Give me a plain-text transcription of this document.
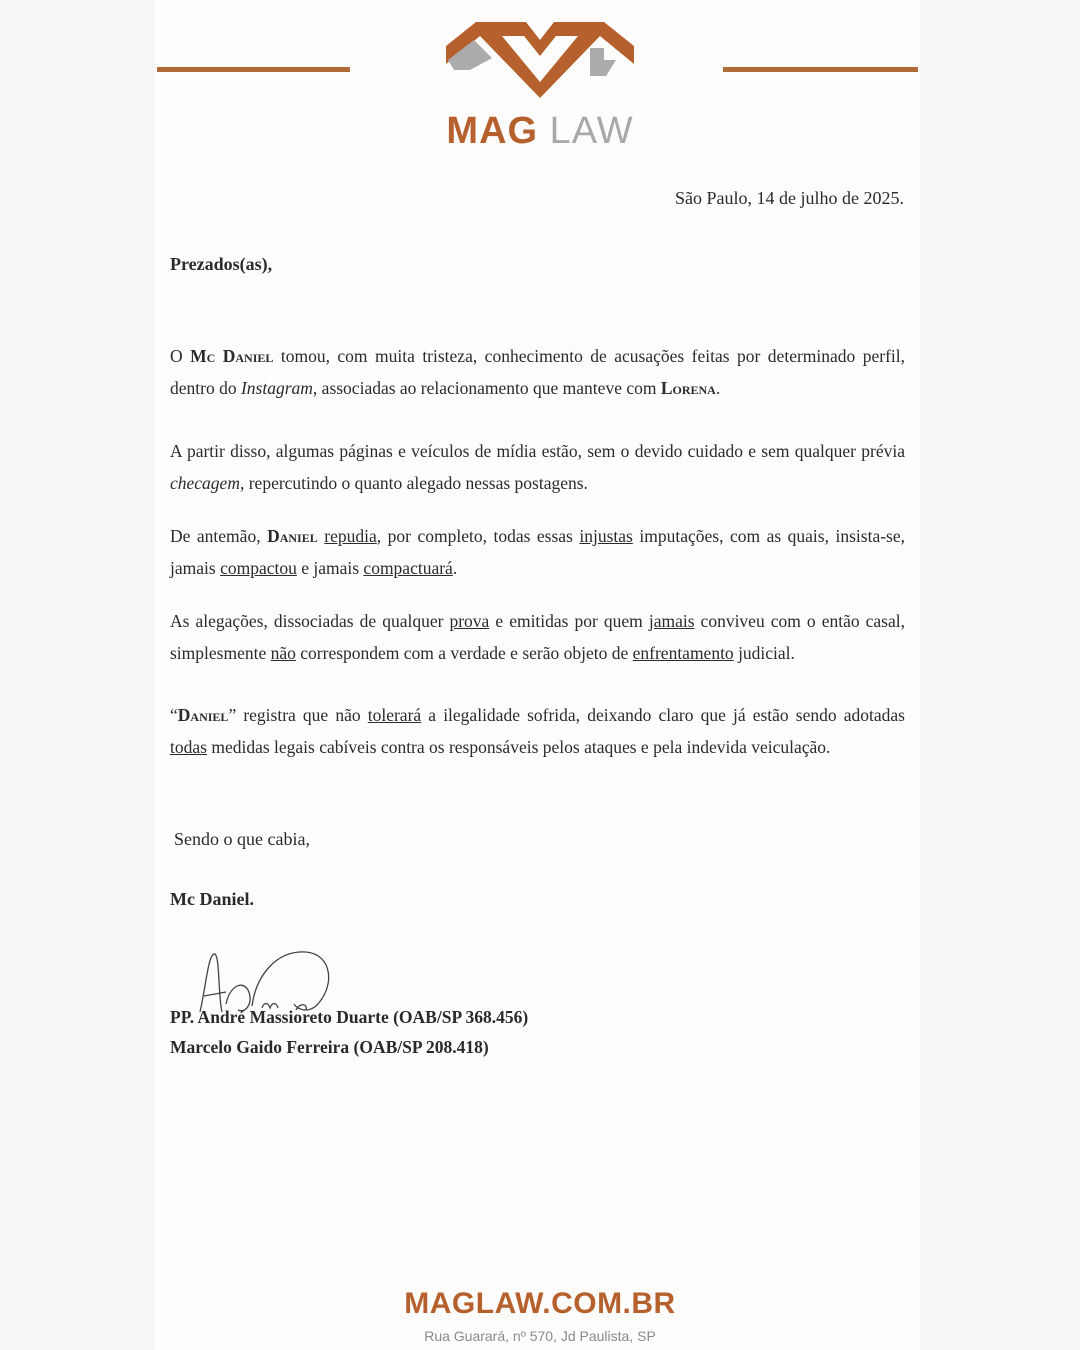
MAG LAW
São Paulo, 14 de julho de 2025.
Prezados(as),
O Mc Daniel tomou, com muita tristeza, conhecimento de acusações feitas por determinado perfil, dentro do Instagram, associadas ao relacionamento que manteve com Lorena.
A partir disso, algumas páginas e veículos de mídia estão, sem o devido cuidado e sem qualquer prévia checagem, repercutindo o quanto alegado nessas postagens.
De antemão, Daniel repudia, por completo, todas essas injustas imputações, com as quais, insista-se, jamais compactou e jamais compactuará.
As alegações, dissociadas de qualquer prova e emitidas por quem jamais conviveu com o então casal, simplesmente não correspondem com a verdade e serão objeto de enfrentamento judicial.
“Daniel” registra que não tolerará a ilegalidade sofrida, deixando claro que já estão sendo adotadas todas medidas legais cabíveis contra os responsáveis pelos ataques e pela indevida veiculação.
Sendo o que cabia,
Mc Daniel.
PP. André Massioreto Duarte (OAB/SP 368.456)
Marcelo Gaido Ferreira (OAB/SP 208.418)
MAGLAW.COM.BR
Rua Guarará, nº 570, Jd Paulista, SP
